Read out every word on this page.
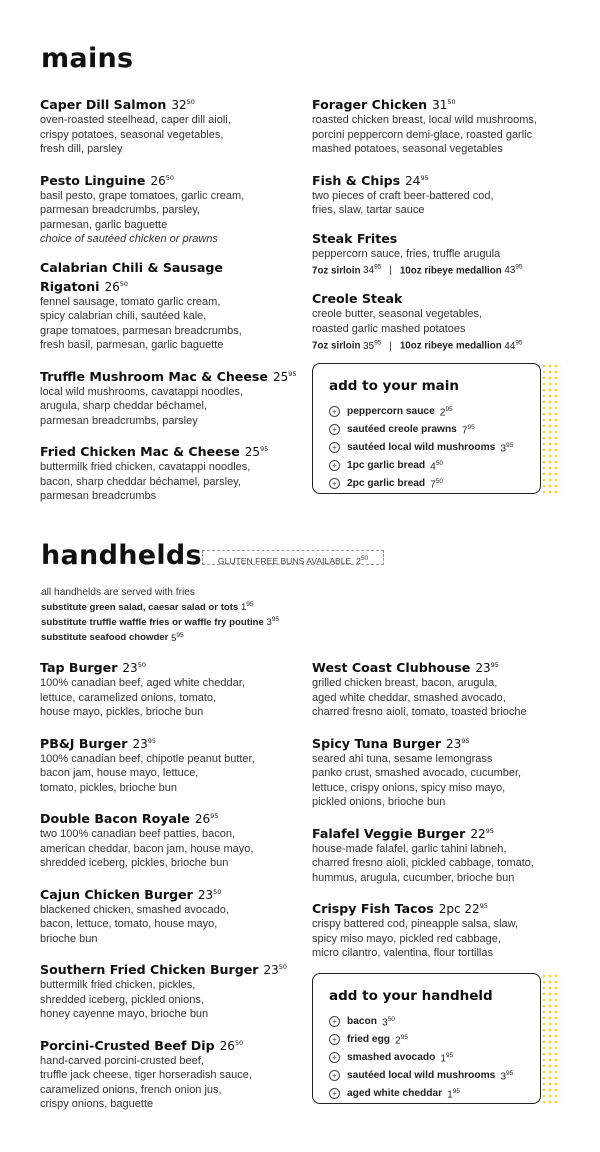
mains
Caper Dill Salmon $32^{50}$
oven-roasted steelhead, caper dill aioli,
crispy potatoes, seasonal vegetables,
fresh dill, parsley
Pesto Linguine $26^{50}$
basil pesto, grape tomatoes, garlic cream,
parmesan breadcrumbs, parsley,
parmesan, garlic baguette
choice of sautéed chicken or prawns
Calabrian Chili & Sausage Rigatoni $26^{50}$
fennel sausage, tomato garlic cream,
spicy calabrian chili, sautéed kale,
grape tomatoes, parmesan breadcrumbs,
fresh basil, parmesan, garlic baguette
Truffle Mushroom Mac & Cheese $25^{95}$
local wild mushrooms, cavatappi noodles,
arugula, sharp cheddar béchamel,
parmesan breadcrumbs, parsley
Fried Chicken Mac & Cheese $25^{95}$
buttermilk fried chicken, cavatappi noodles,
bacon, sharp cheddar béchamel, parsley,
parmesan breadcrumbs
Forager Chicken $31^{50}$
roasted chicken breast, local wild mushrooms,
porcini peppercorn demi-glace, roasted garlic
mashed potatoes, seasonal vegetables
Fish & Chips $24^{95}$
two pieces of craft beer-battered cod,
fries, slaw, tartar sauce
Steak Frites
peppercorn sauce, fries, truffle arugula
7oz sirloin $34^{95}$ | 10oz ribeye medallion $43^{95}$
Creole Steak
creole butter, seasonal vegetables,
roasted garlic mashed potatoes
7oz sirloin $35^{95}$ | 10oz ribeye medallion $44^{95}$
add to your main
+ peppercorn sauce $2^{95}$
+ sautéed creole prawns $7^{95}$
+ sautéed local wild mushrooms $3^{95}$
+ 1pc garlic bread $4^{50}$
+ 2pc garlic bread $7^{50}$
handhelds	GLUTEN FREE BUNS AVAILABLE $2^{50}$
all handhelds are served with fries
substitute green salad, caesar salad or tots $1^{95}$
substitute truffle waffle fries or waffle fry poutine $3^{95}$
substitute seafood chowder $5^{95}$
Tap Burger $23^{50}$
100% canadian beef, aged white cheddar,
lettuce, caramelized onions, tomato,
house mayo, pickles, brioche bun
PB&J Burger $23^{95}$
100% canadian beef, chipotle peanut butter,
bacon jam, house mayo, lettuce,
tomato, pickles, brioche bun
Double Bacon Royale $26^{95}$
two 100% canadian beef patties, bacon,
american cheddar, bacon jam, house mayo,
shredded iceberg, pickles, brioche bun
Cajun Chicken Burger $23^{50}$
blackened chicken, smashed avocado,
bacon, lettuce, tomato, house mayo,
brioche bun
Southern Fried Chicken Burger $23^{50}$
buttermilk fried chicken, pickles,
shredded iceberg, pickled onions,
honey cayenne mayo, brioche bun
Porcini-Crusted Beef Dip $26^{50}$
hand-carved porcini-crusted beef,
truffle jack cheese, tiger horseradish sauce,
caramelized onions, french onion jus,
crispy onions, baguette
West Coast Clubhouse $23^{95}$
grilled chicken breast, bacon, arugula,
aged white cheddar, smashed avocado,
charred fresno aioli, tomato, toasted brioche
Spicy Tuna Burger $23^{95}$
seared ahi tuna, sesame lemongrass
panko crust, smashed avocado, cucumber,
lettuce, crispy onions, spicy miso mayo,
pickled onions, brioche bun
Falafel Veggie Burger $22^{95}$
house-made falafel, garlic tahini labneh,
charred fresno aioli, pickled cabbage, tomato,
hummus, arugula, cucumber, brioche bun
Crispy Fish Tacos 2pc $22^{95}$
crispy battered cod, pineapple salsa, slaw,
spicy miso mayo, pickled red cabbage,
micro cilantro, valentina, flour tortillas
add to your handheld
+ bacon $3^{50}$
+ fried egg $2^{95}$
+ smashed avocado $1^{95}$
+ sautéed local wild mushrooms $3^{95}$
+ aged white cheddar $1^{95}$
